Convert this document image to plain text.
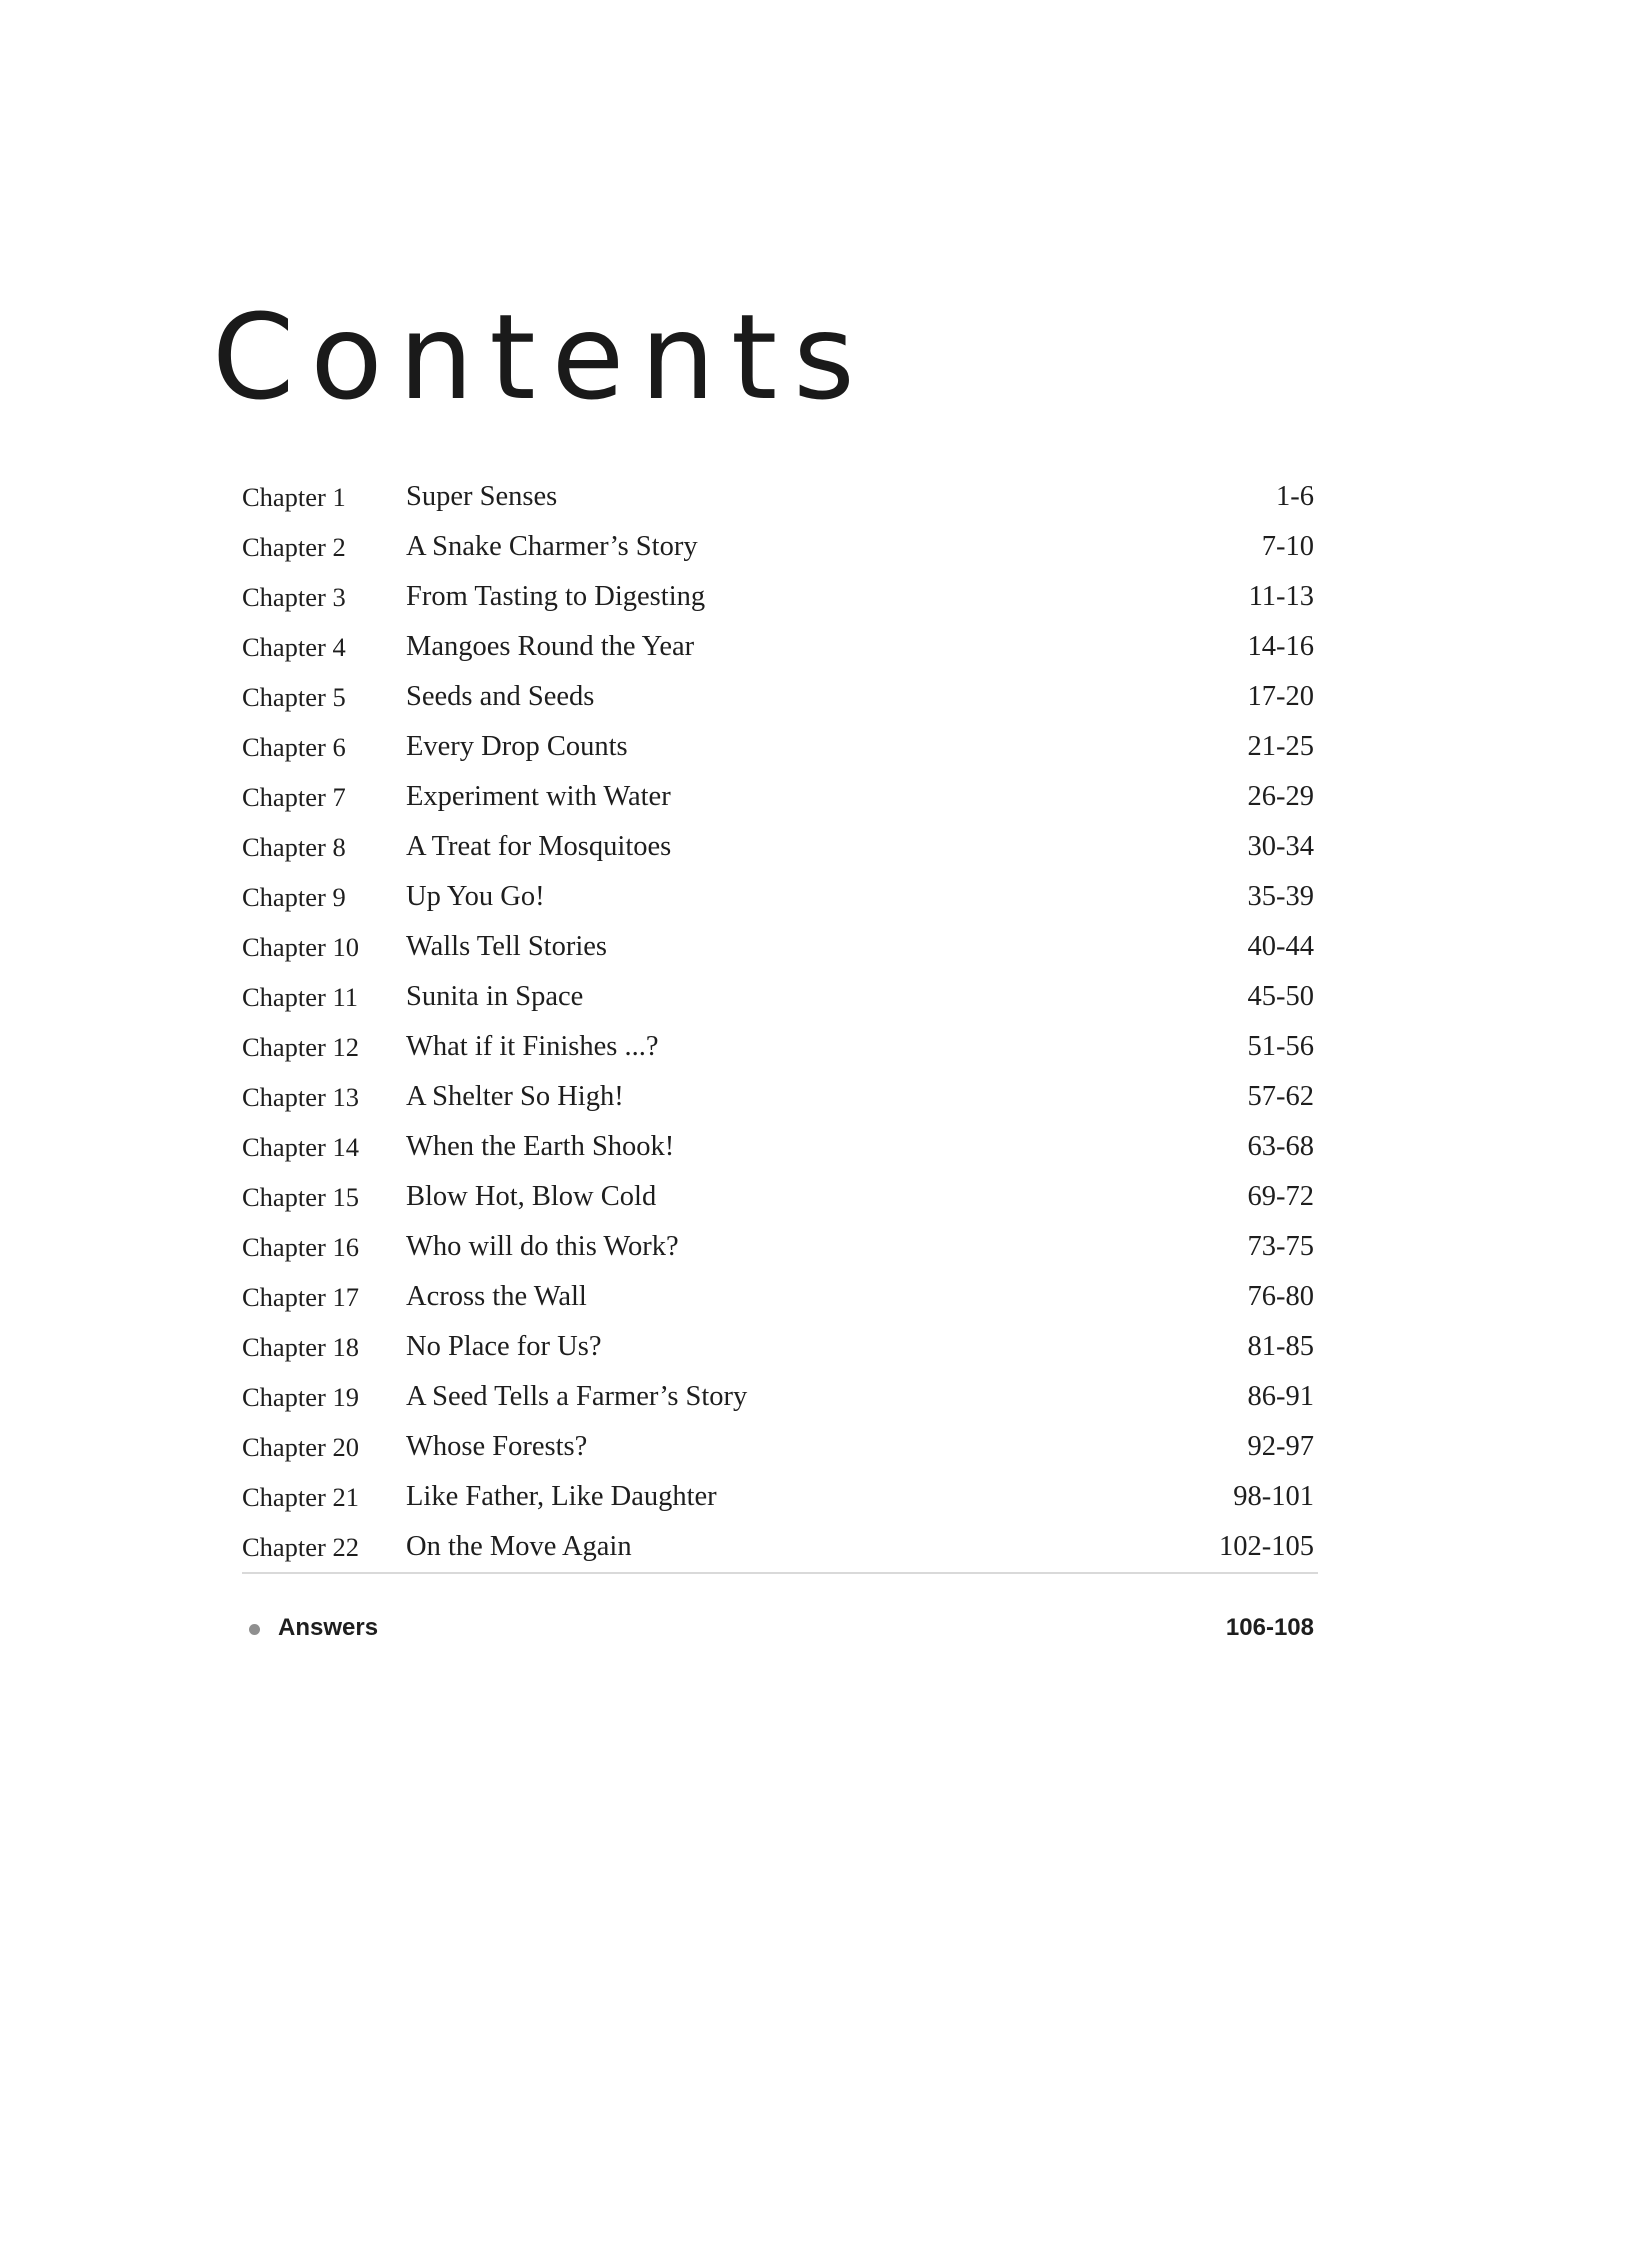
Contents
Chapter 1 Super Senses	1-6
Chapter 2 A Snake Charmer’s Story	7-10
Chapter 3 From Tasting to Digesting	11-13
Chapter 4 Mangoes Round the Year	14-16
Chapter 5 Seeds and Seeds	17-20
Chapter 6 Every Drop Counts	21-25
Chapter 7 Experiment with Water	26-29
Chapter 8 A Treat for Mosquitoes	30-34
Chapter 9 Up You Go!	35-39
Chapter 10 Walls Tell Stories	40-44
Chapter 11 Sunita in Space	45-50
Chapter 12 What if it Finishes ...?	51-56
Chapter 13 A Shelter So High!	57-62
Chapter 14 When the Earth Shook!	63-68
Chapter 15 Blow Hot, Blow Cold	69-72
Chapter 16 Who will do this Work?	73-75
Chapter 17 Across the Wall	76-80
Chapter 18 No Place for Us?	81-85
Chapter 19 A Seed Tells a Farmer’s Story	86-91
Chapter 20 Whose Forests?	92-97
Chapter 21 Like Father, Like Daughter	98-101
Chapter 22 On the Move Again	102-105
Answers	106-108
